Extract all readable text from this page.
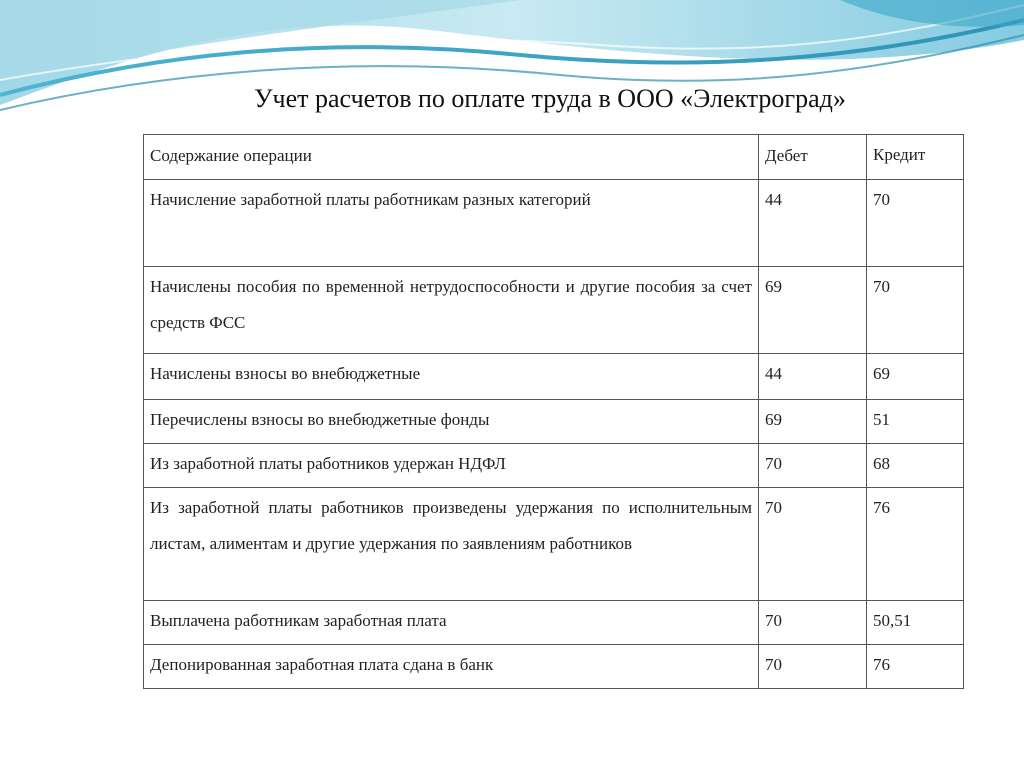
Учет расчетов по оплате труда в ООО «Электроград»
Содержание операции	Дебет	Кредит
Начисление заработной платы работникам разных категорий	44	70
Начислены пособия по временной нетрудоспособности и другие пособия за счет средств ФСС	69	70
Начислены взносы во внебюджетные	44	69
Перечислены взносы во внебюджетные фонды	69	51
Из заработной платы работников удержан НДФЛ	70	68
Из заработной платы работников произведены удержания по исполнительным листам, алиментам и другие удержания по заявлениям работников	70	76
Выплачена работникам заработная плата	70	50,51
Депонированная заработная плата сдана в банк	70	76
